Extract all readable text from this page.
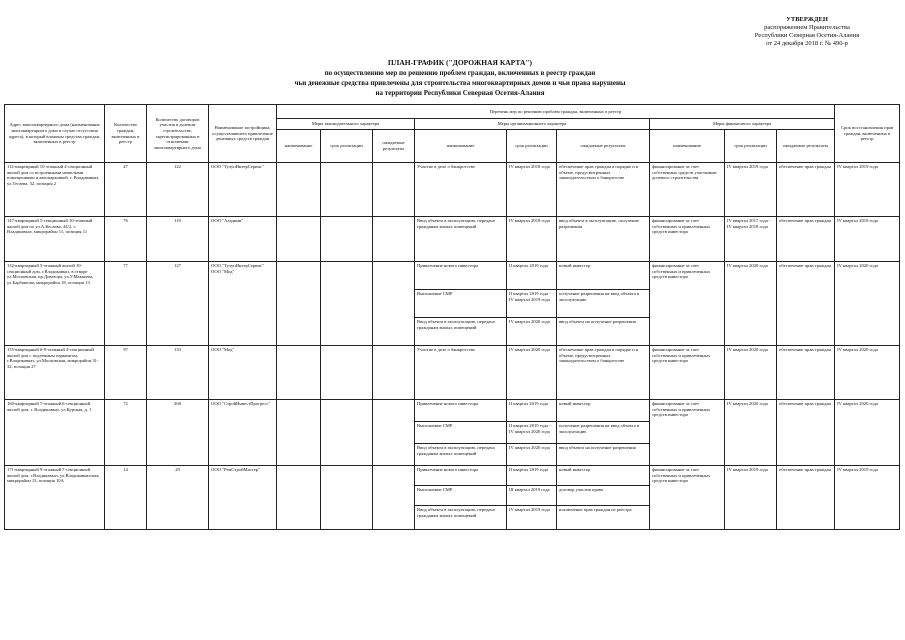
УТВЕРЖДЕН
распоряжением Правительства
Республики Северная Осетия-Алания
от 24 декабря 2018 г. № 490-р
ПЛАН-ГРАФИК ("ДОРОЖНАЯ КАРТА")
по осуществлению мер по решению проблем граждан, включенных в реестр граждан
чьи денежные средства привлечены для строительства многоквартирных домов и чьи права нарушены
на территории Республики Северная Осетия-Алания
Адрес многоквартирного дома (наименование многоквартирного дома в случае отсутствия адреса), в который вложены средства граждан, включенных в реестр	Количество граждан, включенных в реестр	Количество договоров участия в долевом строительстве, зарегистрированных в отношении многоквартирного дома	Наименование застройщика, осуществлявшего привлечение денежных средств граждан	Перечень мер по решению проблем граждан, включенных в реестр									Срок восстановления прав граждан, включенных в реестр
				Меры законодательного характера			Меры организационного характера			Меры финансового характера			
				наименование	срок реализации	ожидаемые результаты	наименование	срок реализации	ожидаемые результаты	наименование	срок реализации	ожидаемые результаты	
112-квартирный 10-этажный 4-секционный жилой дом со встроенными нежилыми помещениями и автопарковкой, г. Владикавказ, ул.Тегаева, 32, позиция 2	47	122	ООО "ТулупИнтерСервис"				Участие в деле о банкротстве	IV квартал 2018 года	обеспечение прав граждан в порядке и в объеме, предусмотренных законодательством о банкротстве	финансирование за счет собственных средств участников долевого строительства	IV квартал 2019 года	обеспечение прав граждан	IV квартал 2019 года
147-квартирный 5-секционный 10-этажный жилой дом по ул.А.Кесаева, 44/2, г. Владикавказ, микрорайон 11, позиция 11	76	118	ООО "Аладинн"				Ввод объекта в эксплуатацию, передача гражданам жилых помещений	IV квартал 2018 года	ввод объекта в эксплуатацию, получение разрешения	финансирование за счет собственных и привлеченных средств инвестора	IV квартал 2017 года - IV квартал 2018 года	обеспечение прав граждан	IV квартал 2018 года
132-квартирный 5-этажный жилой 10-секционный дом, г.Владикавказ, в створе ул.Московская, пр.Доватора, ул.У.Маккоева, ул.Барбашова, микрорайон 18, позиция 13	77	127	ООО "ТулупИнтерСервис" ООО "Мод"				Привлечение нового инвестора	II квартал 2019 года	новый инвестор	финансирование за счет собственных и привлеченных средств инвестора	IV квартал 2020 года	обеспечение прав граждан	IV квартал 2020 года
							Выполнение СМР	II квартал 2019 года - IV квартал 2019 года	получение разрешения на ввод объекта в эксплуатацию				
							Ввод объекта в эксплуатацию, передача гражданам жилых помещений	IV квартал 2020 года	ввод объекта на получение разрешения				
155-квартирный 6-9-этажный 4-секционный жилой дом с подземным паркингом, г.Владикавказ, ул.Московская, микрорайон 31-32, позиция 27	97	133	ООО "Мод"				Участие в деле о банкротстве	IV квартал 2020 года	обеспечение прав граждан в порядке и в объеме, предусмотренных законодательством о банкротстве	финансирование за счет собственных и привлеченных средств инвестора	IV квартал 2020 года	обеспечение прав граждан	IV квартал 2020 года
160-квартирный 7-этажный 6-секционный жилой дом, г. Владикавказ, ул.Курская, д. 1	72	368	ООО "СтройИнвестПрогресс"				Привлечение нового инвестора	II квартал 2019 года	новый инвестор	финансирование за счет собственных и привлеченных средств инвестора	IV квартал 2020 года	обеспечение прав граждан	IV квартал 2020 года
							Выполнение СМР	II квартал 2019 года - IV квартал 2020 года	получение разрешения на ввод объекта в эксплуатацию				
							Ввод объекта в эксплуатацию, передача гражданам жилых помещений	IV квартал 2020 года	ввод объекта на получение разрешения				
171-квартирный 9-этажный 7-секционный жилой дом, г.Владикавказ, ул.Владикавказская, микрорайон 13, позиция 10А	14	29	ООО "РемСтройМастер"				Привлечение нового инвестора	II квартал 2019 года	новый инвестор	финансирование за счет собственных и привлеченных средств инвестора	IV квартал 2019 года	обеспечение прав граждан	IV квартал 2019 года
							Выполнение СМР	III квартал 2019 года	договор участия права				
							Ввод объекта в эксплуатацию, передача гражданам жилых помещений	IV квартал 2019 года	исключение прав граждан из реестра				
